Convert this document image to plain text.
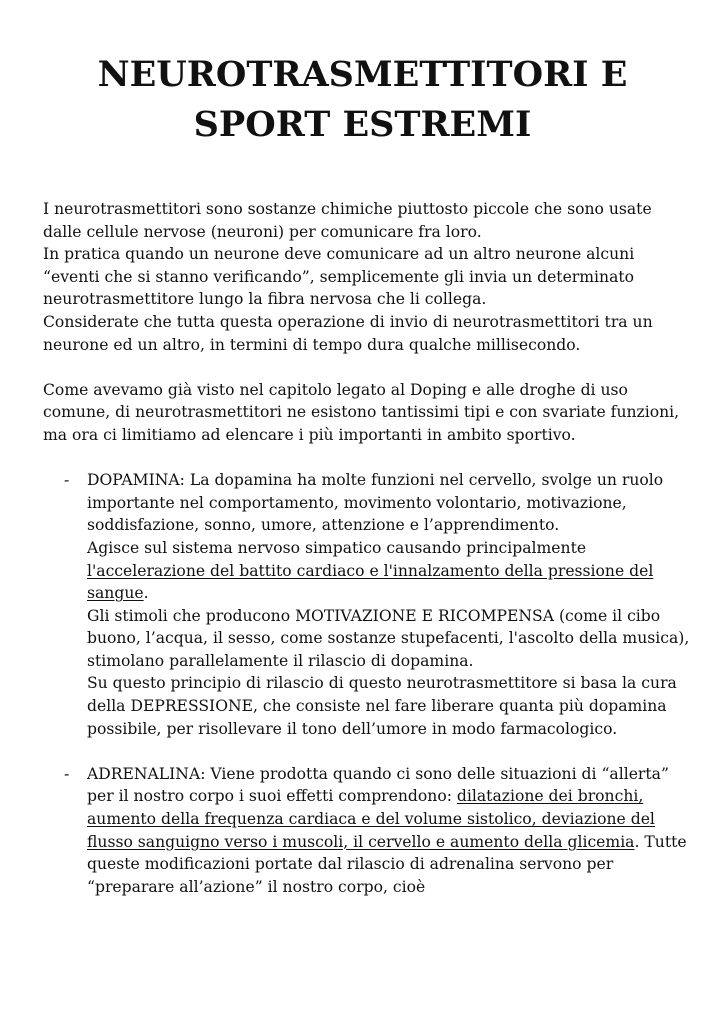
NEUROTRASMETTITORI E
SPORT ESTREMI

I neurotrasmettitori sono sostanze chimiche piuttosto piccole che sono usate dalle cellule nervose (neuroni) per comunicare fra loro.

In pratica quando un neurone deve comunicare ad un altro neurone alcuni “eventi che si stanno verificando”, semplicemente gli invia un determinato neurotrasmettitore lungo la fibra nervosa che li collega.

Considerate che tutta questa operazione di invio di neurotrasmettitori tra un neurone ed un altro, in termini di tempo dura qualche millisecondo.

Come avevamo già visto nel capitolo legato al Doping e alle droghe di uso comune, di neurotrasmettitori ne esistono tantissimi tipi e con svariate funzioni, ma ora ci limitiamo ad elencare i più importanti in ambito sportivo.

- DOPAMINA: La dopamina ha molte funzioni nel cervello, svolge un ruolo importante nel comportamento, movimento volontario, motivazione, soddisfazione, sonno, umore, attenzione e l’apprendimento.

Agisce sul sistema nervoso simpatico causando principalmente l'accelerazione del battito cardiaco e l'innalzamento della pressione del sangue.

Gli stimoli che producono MOTIVAZIONE E RICOMPENSA (come il cibo buono, l’acqua, il sesso, come sostanze stupefacenti, l'ascolto della musica), stimolano parallelamente il rilascio di dopamina.

Su questo principio di rilascio di questo neurotrasmettitore si basa la cura della DEPRESSIONE, che consiste nel fare liberare quanta più dopamina possibile, per risollevare il tono dell’umore in modo farmacologico.

- ADRENALINA: Viene prodotta quando ci sono delle situazioni di “allerta” per il nostro corpo i suoi effetti comprendono: dilatazione dei bronchi, aumento della frequenza cardiaca e del volume sistolico, deviazione del flusso sanguigno verso i muscoli, il cervello e aumento della glicemia. Tutte queste modificazioni portate dal rilascio di adrenalina servono per “preparare all’azione” il nostro corpo, cioè
